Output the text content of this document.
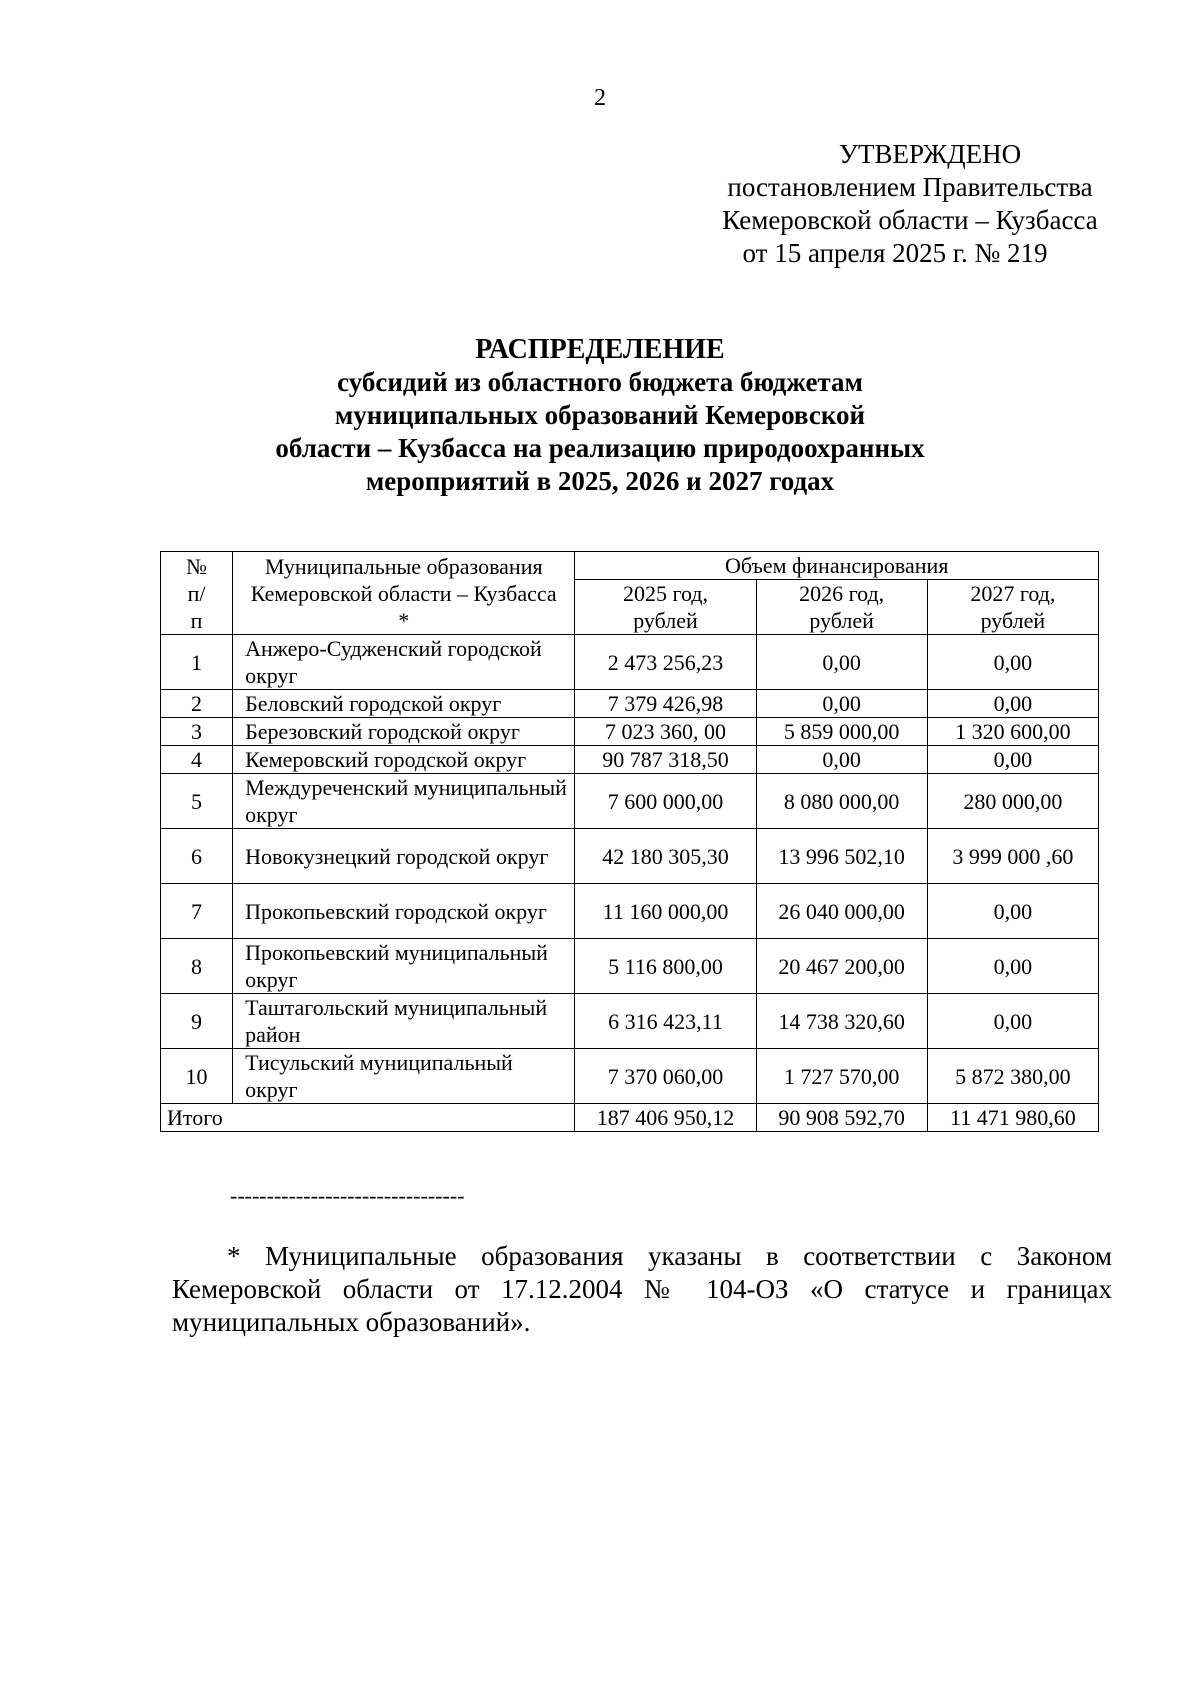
2
УТВЕРЖДЕНО
постановлением Правительства
Кемеровской области – Кузбасса
от 15 апреля 2025 г. № 219
РАСПРЕДЕЛЕНИЕ
субсидий из областного бюджета бюджетам
муниципальных образований Кемеровской
области – Кузбасса на реализацию природоохранных
мероприятий в 2025, 2026 и 2027 годах
№ п/п	Муниципальные образования Кемеровской области – Кузбасса *	Объем финансирования		
		2025 год, рублей	2026 год, рублей	2027 год, рублей
1	Анжеро-Судженский городской округ	2 473 256,23	0,00	0,00
2	Беловский городской округ	7 379 426,98	0,00	0,00
3	Березовский городской округ	7 023 360, 00	5 859 000,00	1 320 600,00
4	Кемеровский городской округ	90 787 318,50	0,00	0,00
5	Междуреченский муниципальный округ	7 600 000,00	8 080 000,00	280 000,00
6	Новокузнецкий городской округ	42 180 305,30	13 996 502,10	3 999 000 ,60
7	Прокопьевский городской округ	11 160 000,00	26 040 000,00	0,00
8	Прокопьевский муниципальный округ	5 116 800,00	20 467 200,00	0,00
9	Таштагольский муниципальный район	6 316 423,11	14 738 320,60	0,00
10	Тисульский муниципальный округ	7 370 060,00	1 727 570,00	5 872 380,00
Итого		187 406 950,12	90 908 592,70	11 471 980,60
--------------------------------
* Муниципальные образования указаны в соответствии с Законом
Кемеровской области от 17.12.2004 № 104-ОЗ «О статусе и границах
муниципальных образований».
